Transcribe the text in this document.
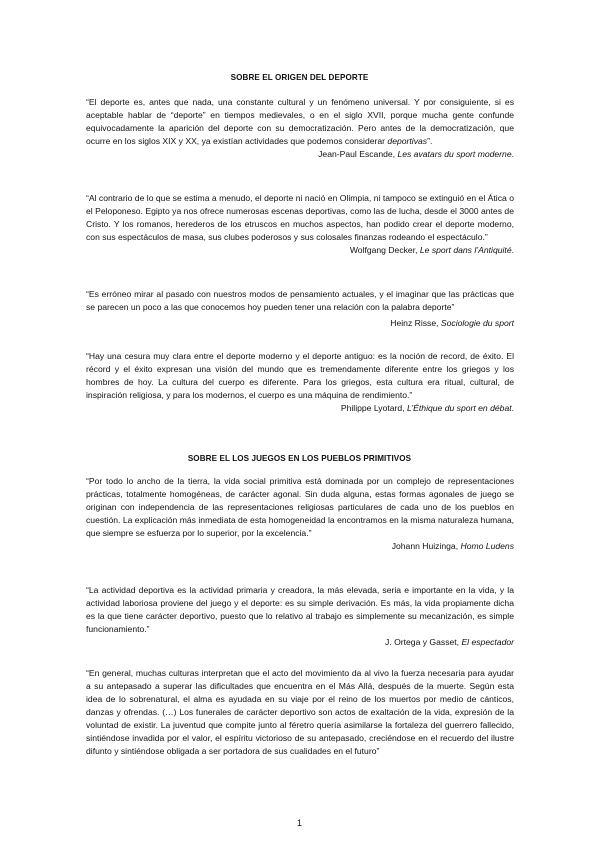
SOBRE EL ORIGEN DEL DEPORTE

“El deporte es, antes que nada, una constante cultural y un fenómeno universal. Y por consiguiente, si es aceptable hablar de “deporte” en tiempos medievales, o en el siglo XVII, porque mucha gente confunde equivocadamente la aparición del deporte con su democratización. Pero antes de la democratización, que ocurre en los siglos XIX y XX, ya existían actividades que podemos considerar deportivas”.

Jean-Paul Escande, Les avatars du sport moderne.

“Al contrario de lo que se estima a menudo, el deporte ni nació en Olimpia, ni tampoco se extinguió en el Ática o el Peloponeso. Egipto ya nos ofrece numerosas escenas deportivas, como las de lucha, desde el 3000 antes de Cristo. Y los romanos, herederos de los etruscos en muchos aspectos, han podido crear el deporte moderno, con sus espectáculos de masa, sus clubes poderosos y sus colosales finanzas rodeando el espectáculo.”

Wolfgang Decker, Le sport dans l’Antiquité.

“Es erróneo mirar al pasado con nuestros modos de pensamiento actuales, y el imaginar que las prácticas que se parecen un poco a las que conocemos hoy pueden tener una relación con la palabra deporte”

Heinz Risse, Sociologie du sport

“Hay una cesura muy clara entre el deporte moderno y el deporte antiguo: es la noción de record, de éxito. El récord y el éxito expresan una visión del mundo que es tremendamente diferente entre los griegos y los hombres de hoy. La cultura del cuerpo es diferente. Para los griegos, esta cultura era ritual, cultural, de inspiración religiosa, y para los modernos, el cuerpo es una máquina de rendimiento.”

Philippe Lyotard, L’Éthique du sport en débat.

SOBRE EL LOS JUEGOS EN LOS PUEBLOS PRIMITIVOS

“Por todo lo ancho de la tierra, la vida social primitiva está dominada por un complejo de representaciones prácticas, totalmente homogéneas, de carácter agonal. Sin duda alguna, estas formas agonales de juego se originan con independencia de las representaciones religiosas particulares de cada uno de los pueblos en cuestión. La explicación más inmediata de esta homogeneidad la encontramos en la misma naturaleza humana, que siempre se esfuerza por lo superior, por la excelencia.”

Johann Huizinga, Homo Ludens

“La actividad deportiva es la actividad primaria y creadora, la más elevada, seria e importante en la vida, y la actividad laboriosa proviene del juego y el deporte: es su simple derivación. Es más, la vida propiamente dicha es la que tiene carácter deportivo, puesto que lo relativo al trabajo es simplemente su mecanización, es simple funcionamiento.”

J. Ortega y Gasset, El espectador

“En general, muchas culturas interpretan que el acto del movimiento da al vivo la fuerza necesaria para ayudar a su antepasado a superar las dificultades que encuentra en el Más Allá, después de la muerte. Según esta idea de lo sobrenatural, el alma es ayudada en su viaje por el reino de los muertos por medio de cánticos, danzas y ofrendas. (…) Los funerales de carácter deportivo son actos de exaltación de la vida, expresión de la voluntad de existir. La juventud que compite junto al féretro quería asimilarse la fortaleza del guerrero fallecido, sintiéndose invadida por el valor, el espíritu victorioso de su antepasado, creciéndose en el recuerdo del ilustre difunto y sintiéndose obligada a ser portadora de sus cualidades en el futuro”

1
